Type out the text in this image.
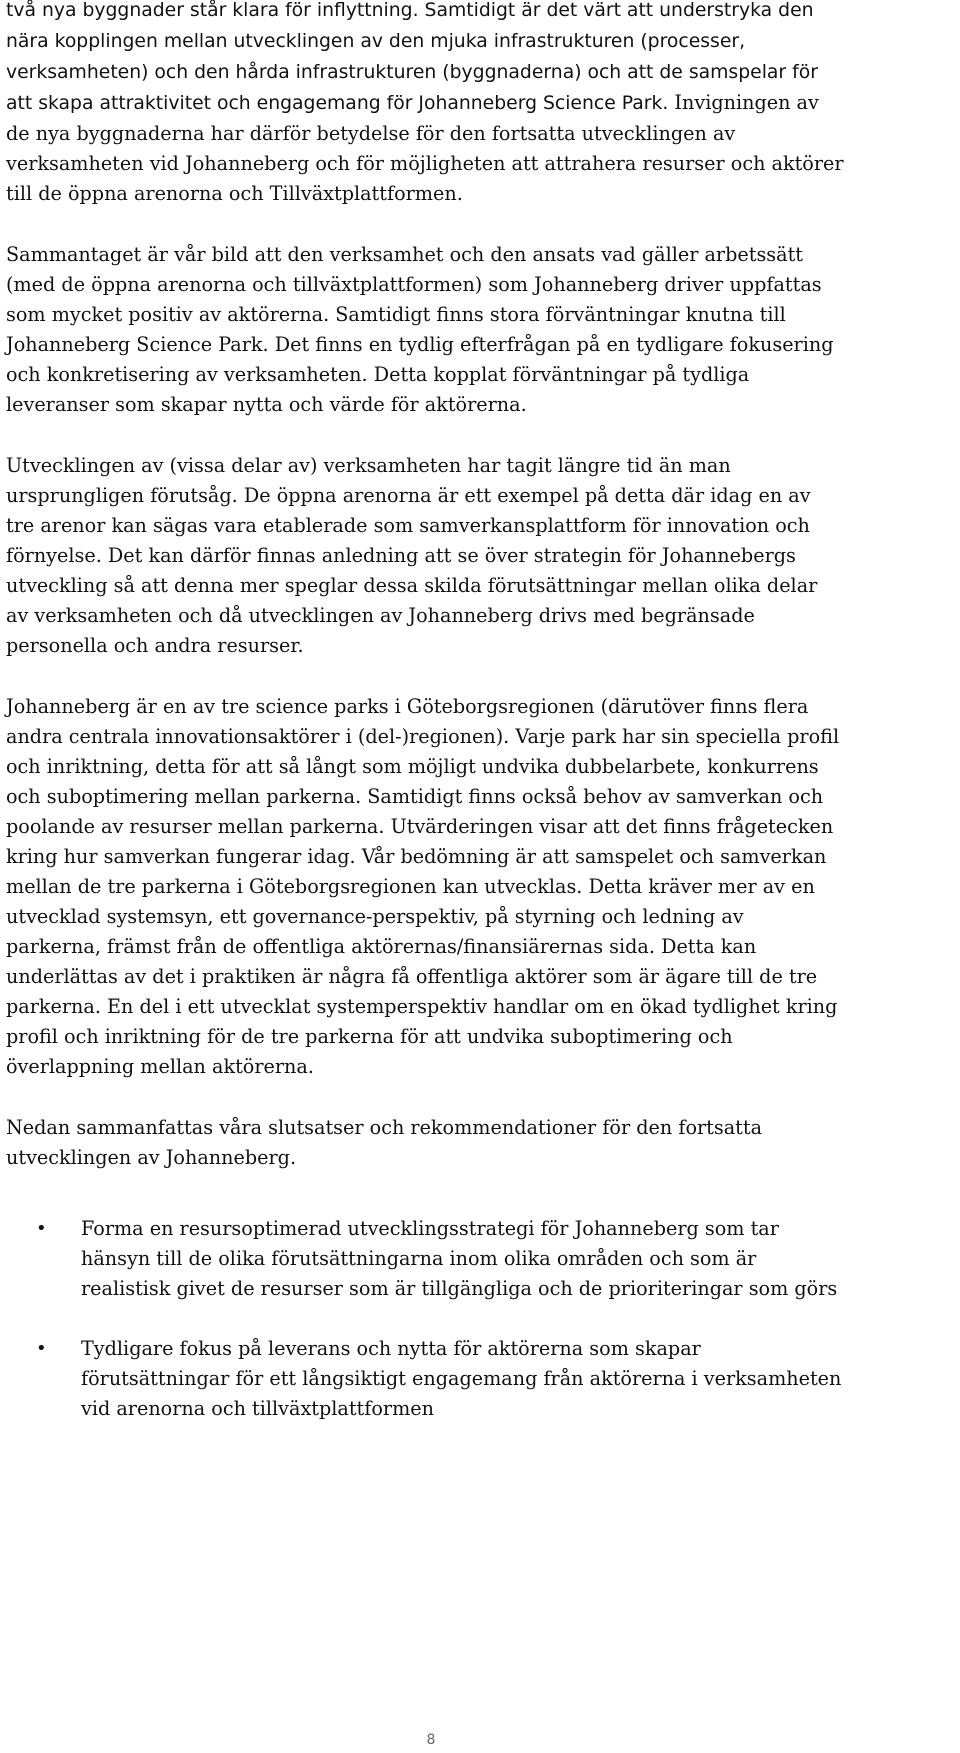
två nya byggnader står klara för inflyttning. Samtidigt är det värt att understryka den nära kopplingen mellan utvecklingen av den mjuka infrastrukturen (processer, verksamheten) och den hårda infrastrukturen (byggnaderna) och att de samspelar för att skapa attraktivitet och engagemang för Johanneberg Science Park. Invigningen av de nya byggnaderna har därför betydelse för den fortsatta utvecklingen av verksamheten vid Johanneberg och för möjligheten att attrahera resurser och aktörer till de öppna arenorna och Tillväxtplattformen.

Sammantaget är vår bild att den verksamhet och den ansats vad gäller arbetssätt (med de öppna arenorna och tillväxtplattformen) som Johanneberg driver uppfattas som mycket positiv av aktörerna. Samtidigt finns stora förväntningar knutna till Johanneberg Science Park. Det finns en tydlig efterfrågan på en tydligare fokusering och konkretisering av verksamheten. Detta kopplat förväntningar på tydliga leveranser som skapar nytta och värde för aktörerna.

Utvecklingen av (vissa delar av) verksamheten har tagit längre tid än man ursprungligen förutsåg. De öppna arenorna är ett exempel på detta där idag en av tre arenor kan sägas vara etablerade som samverkansplattform för innovation och förnyelse. Det kan därför finnas anledning att se över strategin för Johannebergs utveckling så att denna mer speglar dessa skilda förutsättningar mellan olika delar av verksamheten och då utvecklingen av Johanneberg drivs med begränsade personella och andra resurser.

Johanneberg är en av tre science parks i Göteborgsregionen (därutöver finns flera andra centrala innovationsaktörer i (del-)regionen). Varje park har sin speciella profil och inriktning, detta för att så långt som möjligt undvika dubbelarbete, konkurrens och suboptimering mellan parkerna. Samtidigt finns också behov av samverkan och poolande av resurser mellan parkerna. Utvärderingen visar att det finns frågetecken kring hur samverkan fungerar idag. Vår bedömning är att samspelet och samverkan mellan de tre parkerna i Göteborgsregionen kan utvecklas. Detta kräver mer av en utvecklad systemsyn, ett governance-perspektiv, på styrning och ledning av parkerna, främst från de offentliga aktörernas/finansiärernas sida. Detta kan underlättas av det i praktiken är några få offentliga aktörer som är ägare till de tre parkerna. En del i ett utvecklat systemperspektiv handlar om en ökad tydlighet kring profil och inriktning för de tre parkerna för att undvika suboptimering och överlappning mellan aktörerna.

Nedan sammanfattas våra slutsatser och rekommendationer för den fortsatta utvecklingen av Johanneberg.

• Forma en resursoptimerad utvecklingsstrategi för Johanneberg som tar hänsyn till de olika förutsättningarna inom olika områden och som är realistisk givet de resurser som är tillgängliga och de prioriteringar som görs
• Tydligare fokus på leverans och nytta för aktörerna som skapar förutsättningar för ett långsiktigt engagemang från aktörerna i verksamheten vid arenorna och tillväxtplattformen
8
